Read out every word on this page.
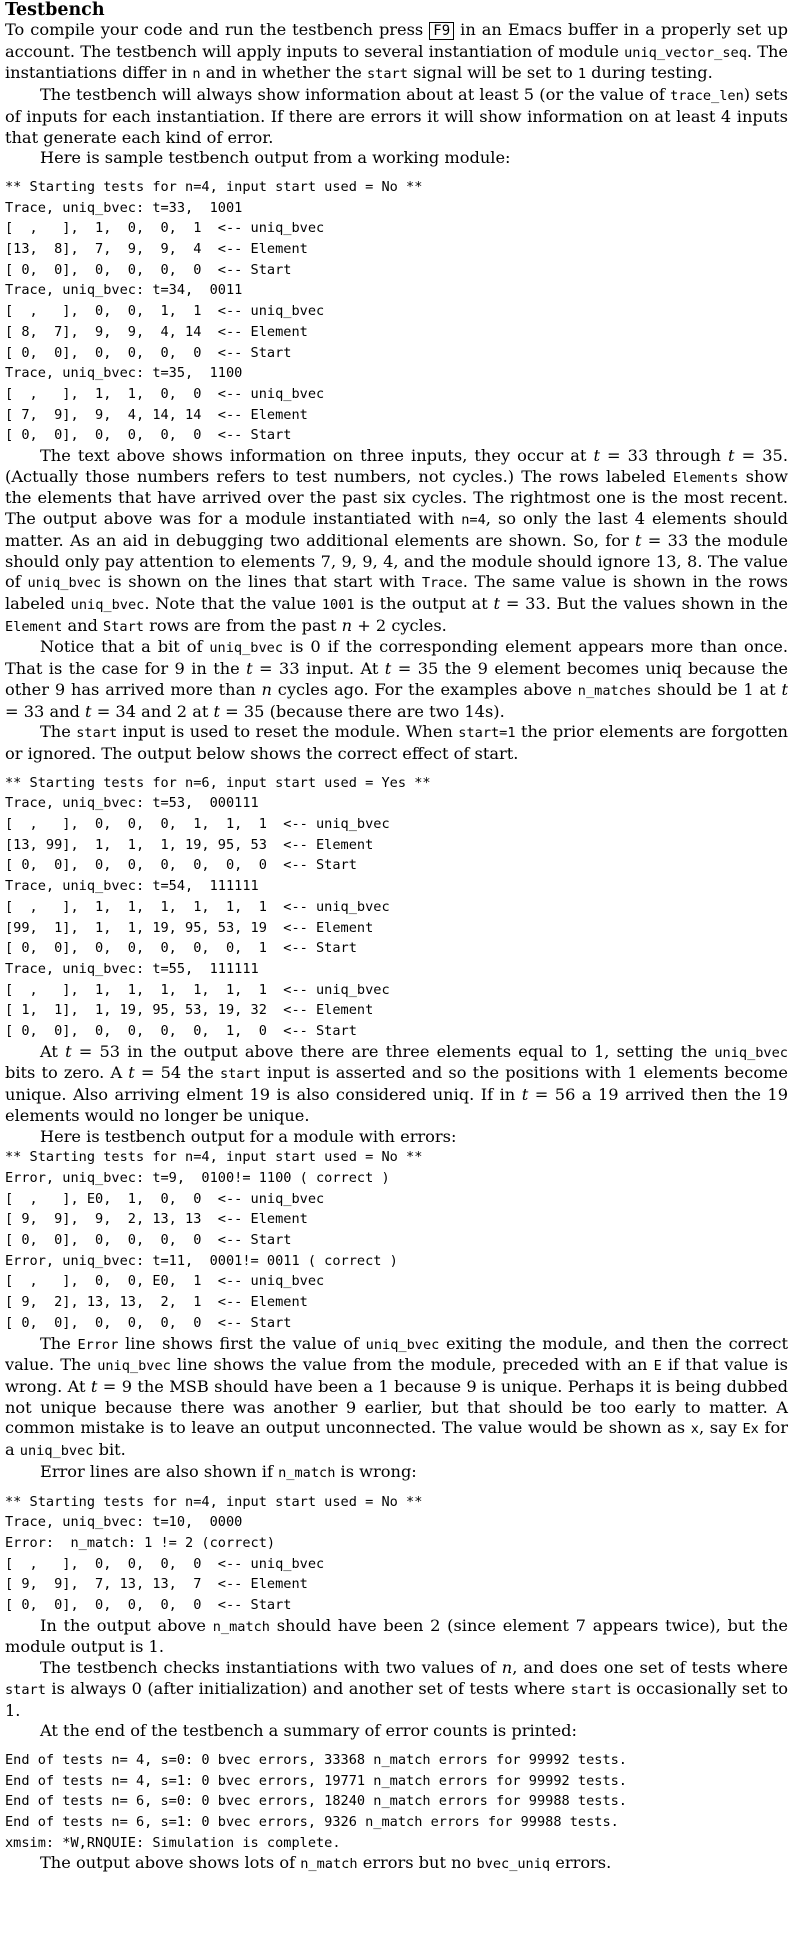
Testbench

To compile your code and run the testbench press F9 in an Emacs buffer in a properly set up account. The testbench will apply inputs to several instantiation of module uniq_vector_seq. The instantiations differ in n and in whether the start signal will be set to 1 during testing.

The testbench will always show information about at least 5 (or the value of trace_len) sets of inputs for each instantiation. If there are errors it will show information on at least 4 inputs that generate each kind of error.

Here is sample testbench output from a working module:

** Starting tests for n=4, input start used = No **
Trace, uniq_bvec: t=33,  1001
[  ,   ],  1,  0,  0,  1  <-- uniq_bvec
[13,  8],  7,  9,  9,  4  <-- Element
[ 0,  0],  0,  0,  0,  0  <-- Start
Trace, uniq_bvec: t=34,  0011
[  ,   ],  0,  0,  1,  1  <-- uniq_bvec
[ 8,  7],  9,  9,  4, 14  <-- Element
[ 0,  0],  0,  0,  0,  0  <-- Start
Trace, uniq_bvec: t=35,  1100
[  ,   ],  1,  1,  0,  0  <-- uniq_bvec
[ 7,  9],  9,  4, 14, 14  <-- Element
[ 0,  0],  0,  0,  0,  0  <-- Start

The text above shows information on three inputs, they occur at t = 33 through t = 35. (Actually those numbers refers to test numbers, not cycles.) The rows labeled Elements show the elements that have arrived over the past six cycles. The rightmost one is the most recent. The output above was for a module instantiated with n=4, so only the last 4 elements should matter. As an aid in debugging two additional elements are shown. So, for t = 33 the module should only pay attention to elements 7, 9, 9, 4, and the module should ignore 13, 8. The value of uniq_bvec is shown on the lines that start with Trace. The same value is shown in the rows labeled uniq_bvec. Note that the value 1001 is the output at t = 33. But the values shown in the Element and Start rows are from the past n + 2 cycles.

Notice that a bit of uniq_bvec is 0 if the corresponding element appears more than once. That is the case for 9 in the t = 33 input. At t = 35 the 9 element becomes uniq because the other 9 has arrived more than n cycles ago. For the examples above n_matches should be 1 at t = 33 and t = 34 and 2 at t = 35 (because there are two 14s).

The start input is used to reset the module. When start=1 the prior elements are forgotten or ignored. The output below shows the correct effect of start.

** Starting tests for n=6, input start used = Yes **
Trace, uniq_bvec: t=53,  000111
[  ,   ],  0,  0,  0,  1,  1,  1  <-- uniq_bvec
[13, 99],  1,  1,  1, 19, 95, 53  <-- Element
[ 0,  0],  0,  0,  0,  0,  0,  0  <-- Start
Trace, uniq_bvec: t=54,  111111
[  ,   ],  1,  1,  1,  1,  1,  1  <-- uniq_bvec
[99,  1],  1,  1, 19, 95, 53, 19  <-- Element
[ 0,  0],  0,  0,  0,  0,  0,  1  <-- Start
Trace, uniq_bvec: t=55,  111111
[  ,   ],  1,  1,  1,  1,  1,  1  <-- uniq_bvec
[ 1,  1],  1, 19, 95, 53, 19, 32  <-- Element
[ 0,  0],  0,  0,  0,  0,  1,  0  <-- Start

At t = 53 in the output above there are three elements equal to 1, setting the uniq_bvec bits to zero. A t = 54 the start input is asserted and so the positions with 1 elements become unique. Also arriving elment 19 is also considered uniq. If in t = 56 a 19 arrived then the 19 elements would no longer be unique.

Here is testbench output for a module with errors:

** Starting tests for n=4, input start used = No **
Error, uniq_bvec: t=9,  0100!= 1100 ( correct )
[  ,   ], E0,  1,  0,  0  <-- uniq_bvec
[ 9,  9],  9,  2, 13, 13  <-- Element
[ 0,  0],  0,  0,  0,  0  <-- Start
Error, uniq_bvec: t=11,  0001!= 0011 ( correct )
[  ,   ],  0,  0, E0,  1  <-- uniq_bvec
[ 9,  2], 13, 13,  2,  1  <-- Element
[ 0,  0],  0,  0,  0,  0  <-- Start

The Error line shows first the value of uniq_bvec exiting the module, and then the correct value. The uniq_bvec line shows the value from the module, preceded with an E if that value is wrong. At t = 9 the MSB should have been a 1 because 9 is unique. Perhaps it is being dubbed not unique because there was another 9 earlier, but that should be too early to matter. A common mistake is to leave an output unconnected. The value would be shown as x, say Ex for a uniq_bvec bit.

Error lines are also shown if n_match is wrong:

** Starting tests for n=4, input start used = No **
Trace, uniq_bvec: t=10,  0000
Error:  n_match: 1 != 2 (correct)
[  ,   ],  0,  0,  0,  0  <-- uniq_bvec
[ 9,  9],  7, 13, 13,  7  <-- Element
[ 0,  0],  0,  0,  0,  0  <-- Start

In the output above n_match should have been 2 (since element 7 appears twice), but the module output is 1.

The testbench checks instantiations with two values of n, and does one set of tests where start is always 0 (after initialization) and another set of tests where start is occasionally set to 1.

At the end of the testbench a summary of error counts is printed:

End of tests n= 4, s=0: 0 bvec errors, 33368 n_match errors for 99992 tests.
End of tests n= 4, s=1: 0 bvec errors, 19771 n_match errors for 99992 tests.
End of tests n= 6, s=0: 0 bvec errors, 18240 n_match errors for 99988 tests.
End of tests n= 6, s=1: 0 bvec errors, 9326 n_match errors for 99988 tests.
xmsim: *W,RNQUIE: Simulation is complete.

The output above shows lots of n_match errors but no bvec_uniq errors.
